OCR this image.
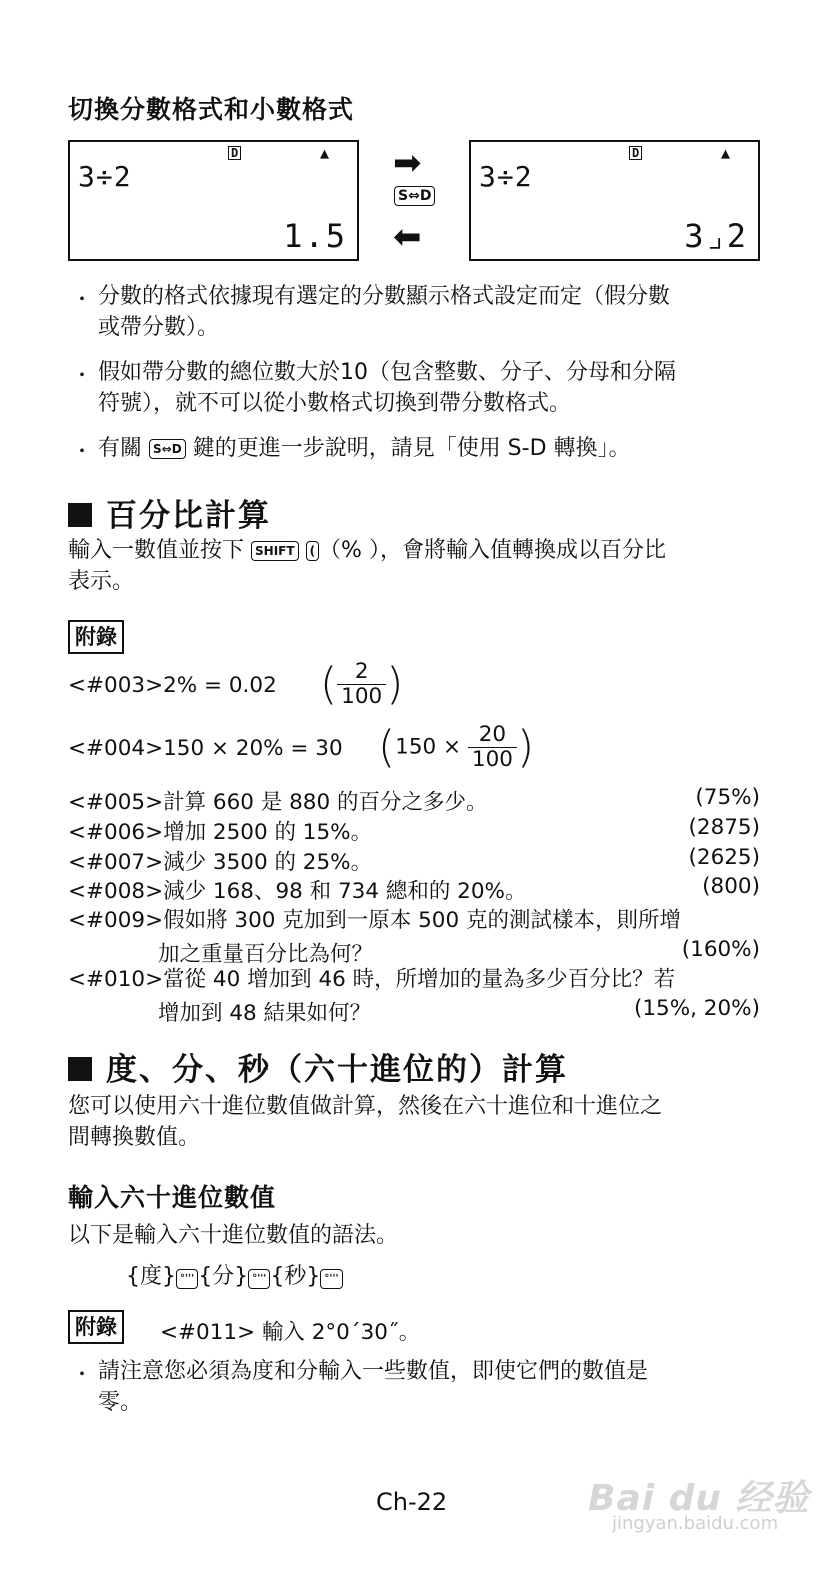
切換分數格式和小數格式
3÷2
D	▲
1.5
➡
S⇔D
⬅
3÷2
D	▲
3⌟2
・ 分數的格式依據現有選定的分數顯示格式設定而定（假分數
或帶分數）。
・ 假如帶分數的總位數大於10（包含整數、分子、分母和分隔
符號），就不可以從小數格式切換到帶分數格式。
・ 有關 S⇔D 鍵的更進一步說明，請見「使用 S-D 轉換」。
百分比計算
輸入一數值並按下 SHIFT ( （% ），會將輸入值轉換成以百分比
表示。
附錄
<#003>2% = 0.02 ( $\frac{2}{100}$ )
<#004>150 × 20% = 30 ($150 \times \frac{20}{100}$ )
<#005>計算 660 是 880 的百分之多少。	(75%)
<#006>增加 2500 的 15%。	(2875)
<#007>減少 3500 的 25%。	(2625)
<#008>減少 168、98 和 734 總和的 20%。	(800)
<#009>假如將 300 克加到一原本 500 克的測試樣本，則所增
加之重量百分比為何？	(160%)
<#010>當從 40 增加到 46 時，所增加的量為多少百分比？若
增加到 48 結果如何？	(15%, 20%)
度、分、秒（六十進位的）計算
您可以使用六十進位數值做計算，然後在六十進位和十進位之
間轉換數值。
輸入六十進位數值
以下是輸入六十進位數值的語法。
{度} °''' {分} °''' {秒} °'''
附錄	<#011> 輸入 2°0´30˝。
・ 請注意您必須為度和分輸入一些數值，即使它們的數值是
零。
Ch-22	Bai du 经验
jingyan.baidu.com
